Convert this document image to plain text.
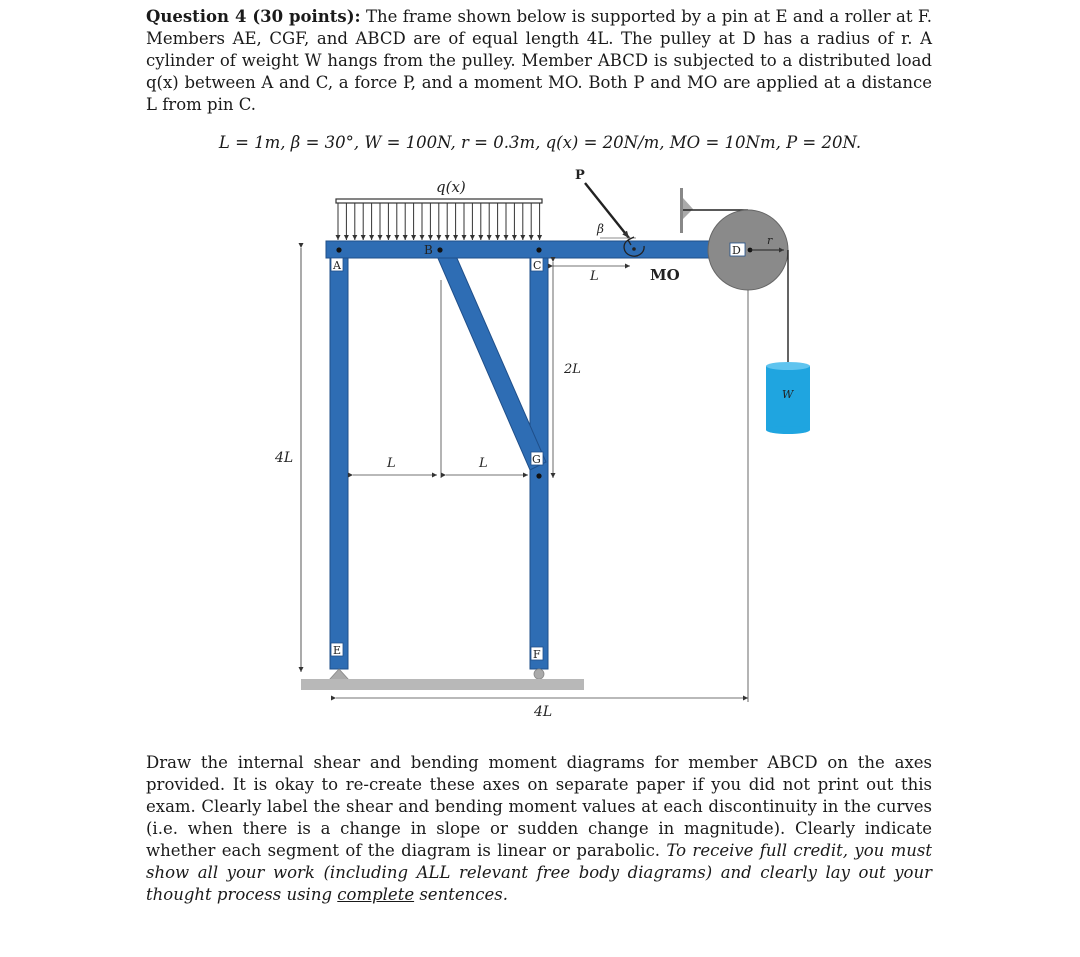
Question 4 (30 points): The frame shown below is supported by a pin at E and a roller at F. Members AE, CGF, and ABCD are of equal length 4L. The pulley at D has a radius of r. A cylinder of weight W hangs from the pulley. Member ABCD is subjected to a distributed load q(x) between A and C, a force P, and a moment MO. Both P and MO are applied at a distance L from pin C.
L = 1m, β = 30°, W = 100N, r = 0.3m, q(x) = 20N/m, MO = 10Nm, P = 20N.
q(x)
4L
A
B
C
G
E	F
L	L
2L
L
4L
P
β
MO
D
r
W
Draw the internal shear and bending moment diagrams for member ABCD on the axes provided. It is okay to re-create these axes on separate paper if you did not print out this exam. Clearly label the shear and bending moment values at each discontinuity in the curves (i.e. when there is a change in slope or sudden change in magnitude). Clearly indicate whether each segment of the diagram is linear or parabolic. To receive full credit, you must show all your work (including ALL relevant free body diagrams) and clearly lay out your thought process using complete sentences.
